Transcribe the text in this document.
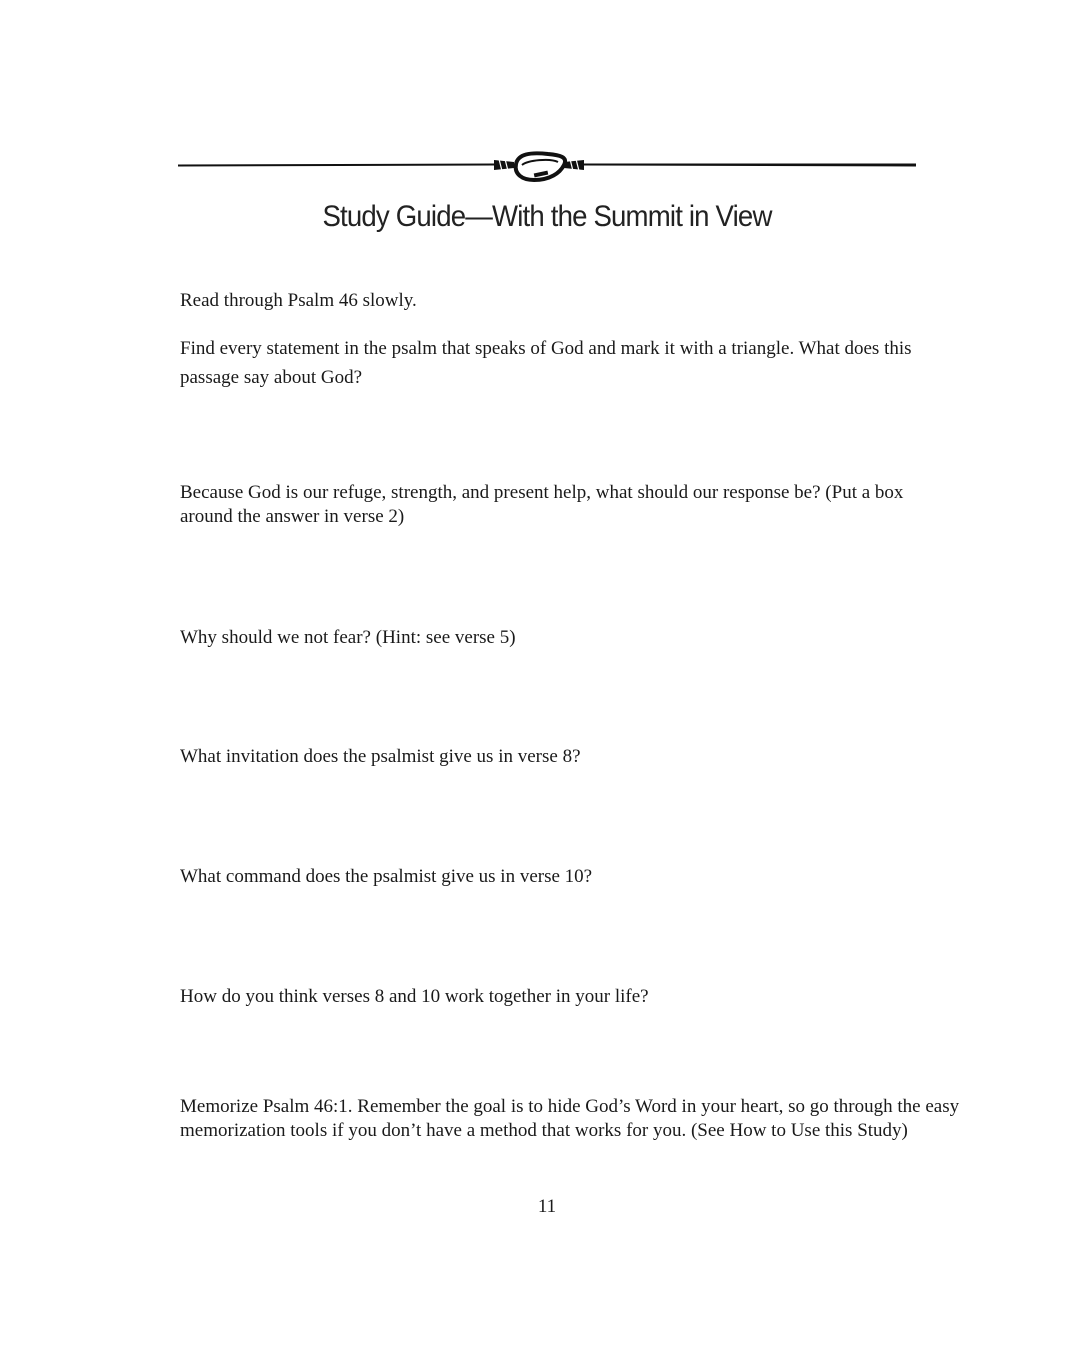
Study Guide—With the Summit in View

Read through Psalm 46 slowly.

Find every statement in the psalm that speaks of God and mark it with a triangle. What does this passage say about God?

Because God is our refuge, strength, and present help, what should our response be? (Put a box around the answer in verse 2)

Why should we not fear? (Hint: see verse 5)

What invitation does the psalmist give us in verse 8?

What command does the psalmist give us in verse 10?

How do you think verses 8 and 10 work together in your life?

Memorize Psalm 46:1. Remember the goal is to hide God’s Word in your heart, so go through the easy memorization tools if you don’t have a method that works for you. (See How to Use this Study)

11
